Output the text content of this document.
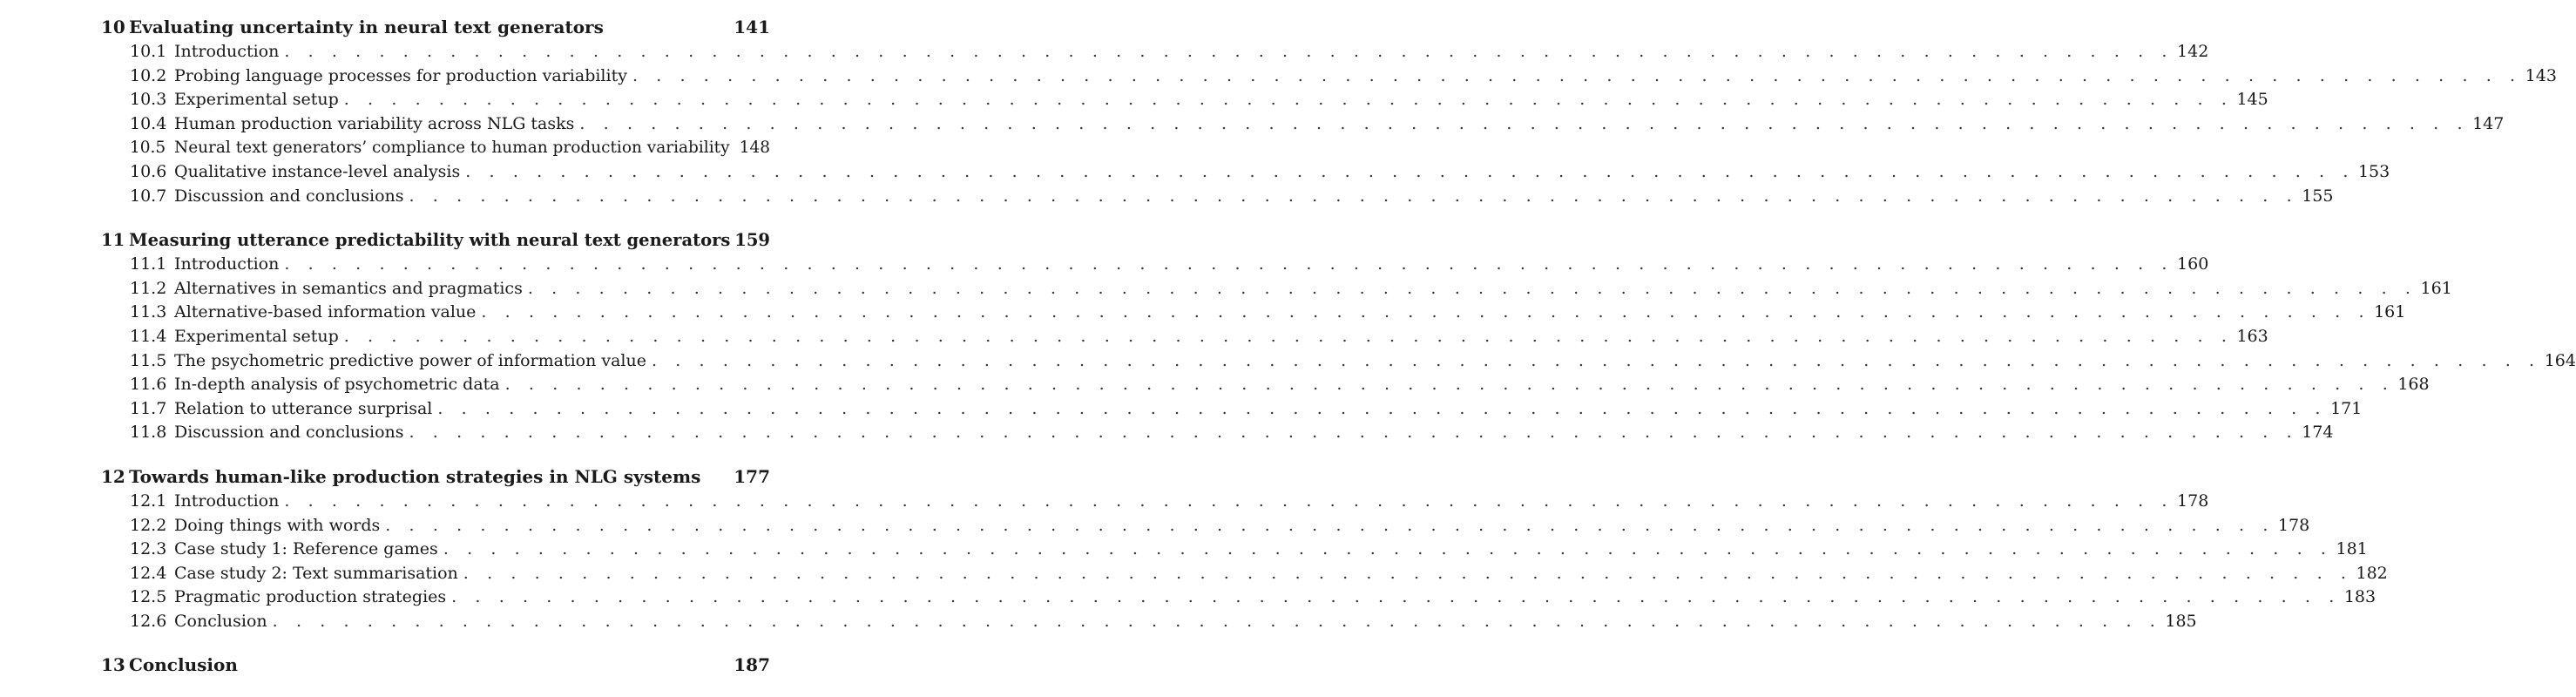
10 Evaluating uncertainty in neural text generators	141
10.1 Introduction . . . . . . . . . . . . . . . . . . . . . . . . . . . . . . . . . . . . . . . . . . . . . . . . . . . . . . . . . . . . . . . . . . . . . . . . . . . . . . . . 142
10.2 Probing language processes for production variability . . . . . . . . . . . . . . . . . . . . . . . . . . . . . . . . . . . . . . . . . . . . . . . . . . . . . . . . . . . . . . . . . . . . . . . . . . . . . . . . 143
10.3 Experimental setup . . . . . . . . . . . . . . . . . . . . . . . . . . . . . . . . . . . . . . . . . . . . . . . . . . . . . . . . . . . . . . . . . . . . . . . . . . . . . . . . 145
10.4 Human production variability across NLG tasks . . . . . . . . . . . . . . . . . . . . . . . . . . . . . . . . . . . . . . . . . . . . . . . . . . . . . . . . . . . . . . . . . . . . . . . . . . . . . . . . 147
10.5 Neural text generators’ compliance to human production variability 148
10.6 Qualitative instance-level analysis . . . . . . . . . . . . . . . . . . . . . . . . . . . . . . . . . . . . . . . . . . . . . . . . . . . . . . . . . . . . . . . . . . . . . . . . . . . . . . . . 153
10.7 Discussion and conclusions . . . . . . . . . . . . . . . . . . . . . . . . . . . . . . . . . . . . . . . . . . . . . . . . . . . . . . . . . . . . . . . . . . . . . . . . . . . . . . . . 155
11 Measuring utterance predictability with neural text generators 159
11.1 Introduction . . . . . . . . . . . . . . . . . . . . . . . . . . . . . . . . . . . . . . . . . . . . . . . . . . . . . . . . . . . . . . . . . . . . . . . . . . . . . . . . 160
11.2 Alternatives in semantics and pragmatics . . . . . . . . . . . . . . . . . . . . . . . . . . . . . . . . . . . . . . . . . . . . . . . . . . . . . . . . . . . . . . . . . . . . . . . . . . . . . . . . 161
11.3 Alternative-based information value . . . . . . . . . . . . . . . . . . . . . . . . . . . . . . . . . . . . . . . . . . . . . . . . . . . . . . . . . . . . . . . . . . . . . . . . . . . . . . . . 161
11.4 Experimental setup . . . . . . . . . . . . . . . . . . . . . . . . . . . . . . . . . . . . . . . . . . . . . . . . . . . . . . . . . . . . . . . . . . . . . . . . . . . . . . . . 163
11.5 The psychometric predictive power of information value . . . . . . . . . . . . . . . . . . . . . . . . . . . . . . . . . . . . . . . . . . . . . . . . . . . . . . . . . . . . . . . . . . . . . . . . . . . . . . . . 164
11.6 In-depth analysis of psychometric data . . . . . . . . . . . . . . . . . . . . . . . . . . . . . . . . . . . . . . . . . . . . . . . . . . . . . . . . . . . . . . . . . . . . . . . . . . . . . . . . 168
11.7 Relation to utterance surprisal . . . . . . . . . . . . . . . . . . . . . . . . . . . . . . . . . . . . . . . . . . . . . . . . . . . . . . . . . . . . . . . . . . . . . . . . . . . . . . . . 171
11.8 Discussion and conclusions . . . . . . . . . . . . . . . . . . . . . . . . . . . . . . . . . . . . . . . . . . . . . . . . . . . . . . . . . . . . . . . . . . . . . . . . . . . . . . . . 174
12 Towards human-like production strategies in NLG systems	177
12.1 Introduction . . . . . . . . . . . . . . . . . . . . . . . . . . . . . . . . . . . . . . . . . . . . . . . . . . . . . . . . . . . . . . . . . . . . . . . . . . . . . . . . 178
12.2 Doing things with words . . . . . . . . . . . . . . . . . . . . . . . . . . . . . . . . . . . . . . . . . . . . . . . . . . . . . . . . . . . . . . . . . . . . . . . . . . . . . . . . 178
12.3 Case study 1: Reference games . . . . . . . . . . . . . . . . . . . . . . . . . . . . . . . . . . . . . . . . . . . . . . . . . . . . . . . . . . . . . . . . . . . . . . . . . . . . . . . . 181
12.4 Case study 2: Text summarisation . . . . . . . . . . . . . . . . . . . . . . . . . . . . . . . . . . . . . . . . . . . . . . . . . . . . . . . . . . . . . . . . . . . . . . . . . . . . . . . . 182
12.5 Pragmatic production strategies . . . . . . . . . . . . . . . . . . . . . . . . . . . . . . . . . . . . . . . . . . . . . . . . . . . . . . . . . . . . . . . . . . . . . . . . . . . . . . . . 183
12.6 Conclusion . . . . . . . . . . . . . . . . . . . . . . . . . . . . . . . . . . . . . . . . . . . . . . . . . . . . . . . . . . . . . . . . . . . . . . . . . . . . . . . . 185
13 Conclusion	187
